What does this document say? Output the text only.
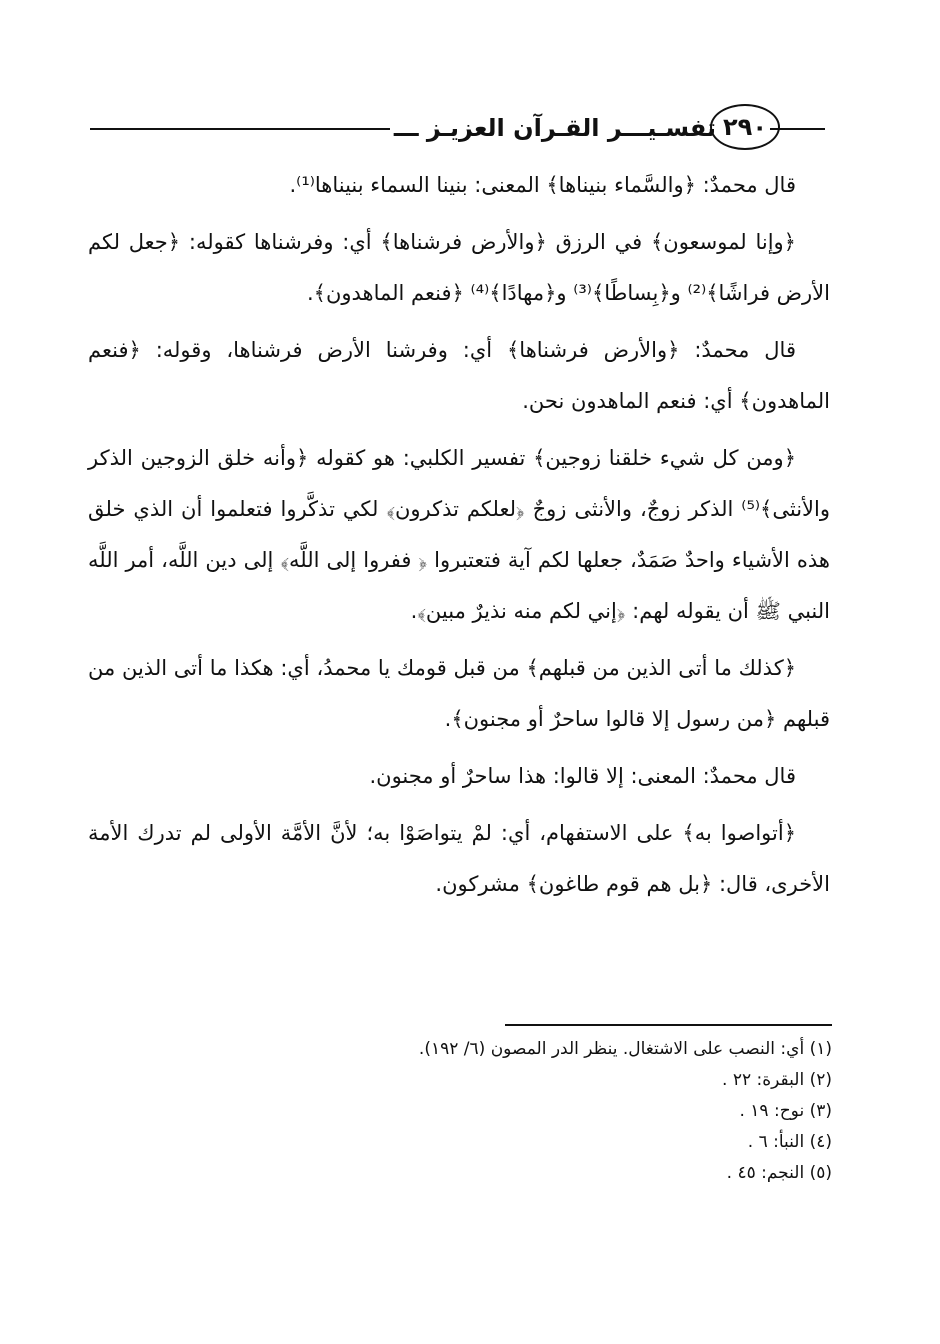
تفسـيـــر القـرآن العزيـز ـــ ٢٩٠

قال محمدٌ: ﴿والسَّماء بنيناها﴾ المعنى: بنينا السماء بنيناها⁽¹⁾.

﴿وإنا لموسعون﴾ في الرزق ﴿والأرض فرشناها﴾ أي: وفرشناها كقوله: ﴿جعل لكم الأرض فراشًا﴾⁽²⁾ و﴿بِساطًا﴾⁽³⁾ و﴿مهادًا﴾⁽⁴⁾ ﴿فنعم الماهدون﴾.

قال محمدٌ: ﴿والأرض فرشناها﴾ أي: وفرشنا الأرض فرشناها، وقوله: ﴿فنعم الماهدون﴾ أي: فنعم الماهدون نحن.

﴿ومن كل شيء خلقنا زوجين﴾ تفسير الكلبي: هو كقوله ﴿وأنه خلق الزوجين الذكر والأنثى﴾⁽⁵⁾ الذكر زوجٌ، والأنثى زوجٌ ﴿لعلكم تذكرون﴾ لكي تذكَّروا فتعلموا أن الذي خلق هذه الأشياء واحدٌ صَمَدٌ، جعلها لكم آية فتعتبروا ﴿ ففروا إلى اللَّه﴾ إلى دين اللَّه، أمر اللَّه النبي ﷺ أن يقوله لهم: ﴿إني لكم منه نذيرٌ مبين﴾.

﴿كذلك ما أتى الذين من قبلهم﴾ من قبل قومك يا محمدُ، أي: هكذا ما أتى الذين من قبلهم ﴿من رسول إلا قالوا ساحرٌ أو مجنون﴾.

قال محمدٌ: المعنى: إلا قالوا: هذا ساحرٌ أو مجنون.

﴿أتواصوا به﴾ على الاستفهام، أي: لمْ يتواصَوْا به؛ لأنَّ الأمَّة الأولى لم تدرك الأمة الأخرى، قال: ﴿بل هم قوم طاغون﴾ مشركون.

(١) أي: النصب على الاشتغال. ينظر الدر المصون (٦/ ١٩٢).
(٢) البقرة: ٢٢ .
(٣) نوح: ١٩ .
(٤) النبأ: ٦ .
(٥) النجم: ٤٥ .
